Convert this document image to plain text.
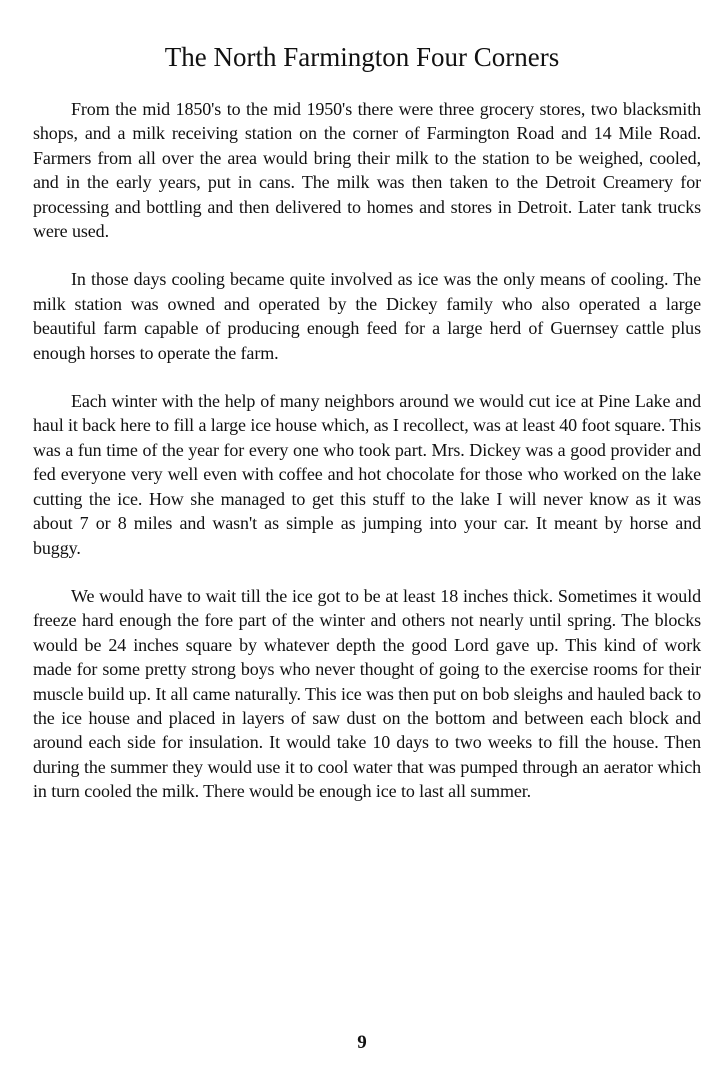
The North Farmington Four Corners

From the mid 1850's to the mid 1950's there were three grocery stores, two blacksmith shops, and a milk receiving station on the corner of Farmington Road and 14 Mile Road. Farmers from all over the area would bring their milk to the station to be weighed, cooled, and in the early years, put in cans. The milk was then taken to the Detroit Creamery for processing and bottling and then delivered to homes and stores in Detroit. Later tank trucks were used.

In those days cooling became quite involved as ice was the only means of cooling. The milk station was owned and operated by the Dickey family who also operated a large beautiful farm capable of producing enough feed for a large herd of Guernsey cattle plus enough horses to operate the farm.

Each winter with the help of many neighbors around we would cut ice at Pine Lake and haul it back here to fill a large ice house which, as I recollect, was at least 40 foot square. This was a fun time of the year for every one who took part. Mrs. Dickey was a good provider and fed everyone very well even with coffee and hot chocolate for those who worked on the lake cutting the ice. How she managed to get this stuff to the lake I will never know as it was about 7 or 8 miles and wasn't as simple as jumping into your car. It meant by horse and buggy.

We would have to wait till the ice got to be at least 18 inches thick. Sometimes it would freeze hard enough the fore part of the winter and others not nearly until spring. The blocks would be 24 inches square by whatever depth the good Lord gave up. This kind of work made for some pretty strong boys who never thought of going to the exercise rooms for their muscle build up. It all came naturally. This ice was then put on bob sleighs and hauled back to the ice house and placed in layers of saw dust on the bottom and between each block and around each side for insulation. It would take 10 days to two weeks to fill the house. Then during the summer they would use it to cool water that was pumped through an aerator which in turn cooled the milk. There would be enough ice to last all summer.

9
